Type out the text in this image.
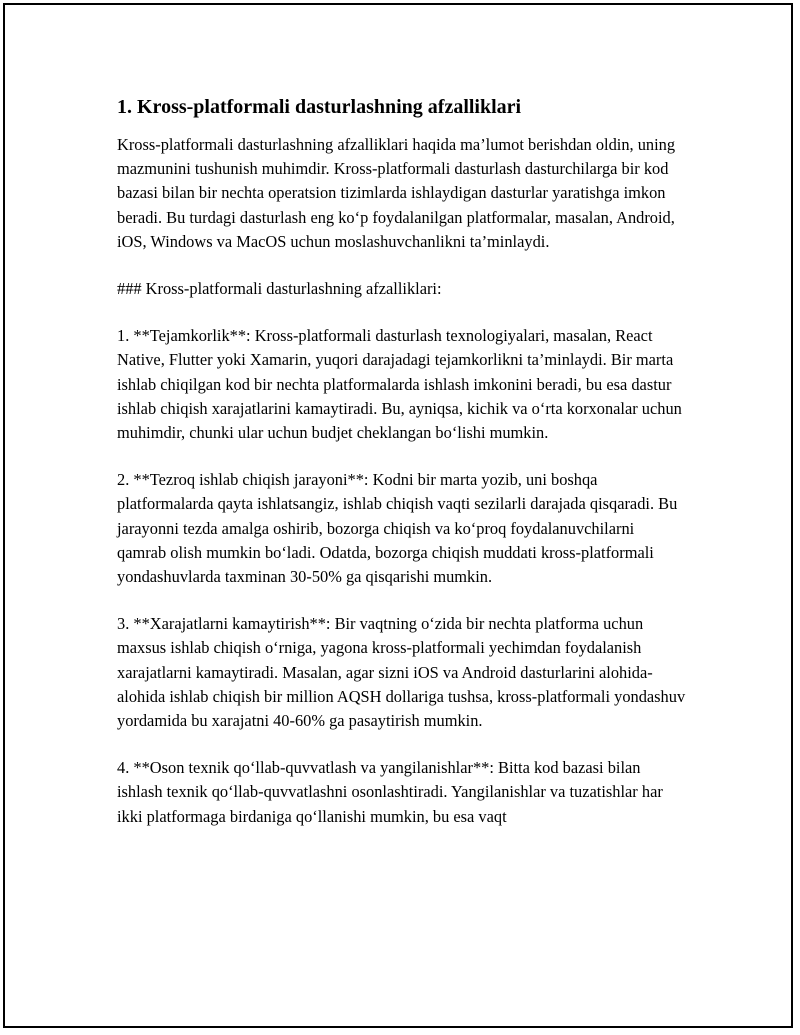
1. Kross-platformali dasturlashning afzalliklari

Kross-platformali dasturlashning afzalliklari haqida ma’lumot berishdan oldin, uning mazmunini tushunish muhimdir. Kross-platformali dasturlash dasturchilarga bir kod bazasi bilan bir nechta operatsion tizimlarda ishlaydigan dasturlar yaratishga imkon beradi. Bu turdagi dasturlash eng ko‘p foydalanilgan platformalar, masalan, Android, iOS, Windows va MacOS uchun moslashuvchanlikni ta’minlaydi.

### Kross-platformali dasturlashning afzalliklari:

1. **Tejamkorlik**: Kross-platformali dasturlash texnologiyalari, masalan, React Native, Flutter yoki Xamarin, yuqori darajadagi tejamkorlikni ta’minlaydi. Bir marta ishlab chiqilgan kod bir nechta platformalarda ishlash imkonini beradi, bu esa dastur ishlab chiqish xarajatlarini kamaytiradi. Bu, ayniqsa, kichik va o‘rta korxonalar uchun muhimdir, chunki ular uchun budjet cheklangan bo‘lishi mumkin.

2. **Tezroq ishlab chiqish jarayoni**: Kodni bir marta yozib, uni boshqa platformalarda qayta ishlatsangiz, ishlab chiqish vaqti sezilarli darajada qisqaradi. Bu jarayonni tezda amalga oshirib, bozorga chiqish va ko‘proq foydalanuvchilarni qamrab olish mumkin bo‘ladi. Odatda, bozorga chiqish muddati kross-platformali yondashuvlarda taxminan 30-50% ga qisqarishi mumkin.

3. **Xarajatlarni kamaytirish**: Bir vaqtning o‘zida bir nechta platforma uchun maxsus ishlab chiqish o‘rniga, yagona kross-platformali yechimdan foydalanish xarajatlarni kamaytiradi. Masalan, agar sizni iOS va Android dasturlarini alohida-alohida ishlab chiqish bir million AQSH dollariga tushsa, kross-platformali yondashuv yordamida bu xarajatni 40-60% ga pasaytirish mumkin.

4. **Oson texnik qo‘llab-quvvatlash va yangilanishlar**: Bitta kod bazasi bilan ishlash texnik qo‘llab-quvvatlashni osonlashtiradi. Yangilanishlar va tuzatishlar har ikki platformaga birdaniga qo‘llanishi mumkin, bu esa vaqt
